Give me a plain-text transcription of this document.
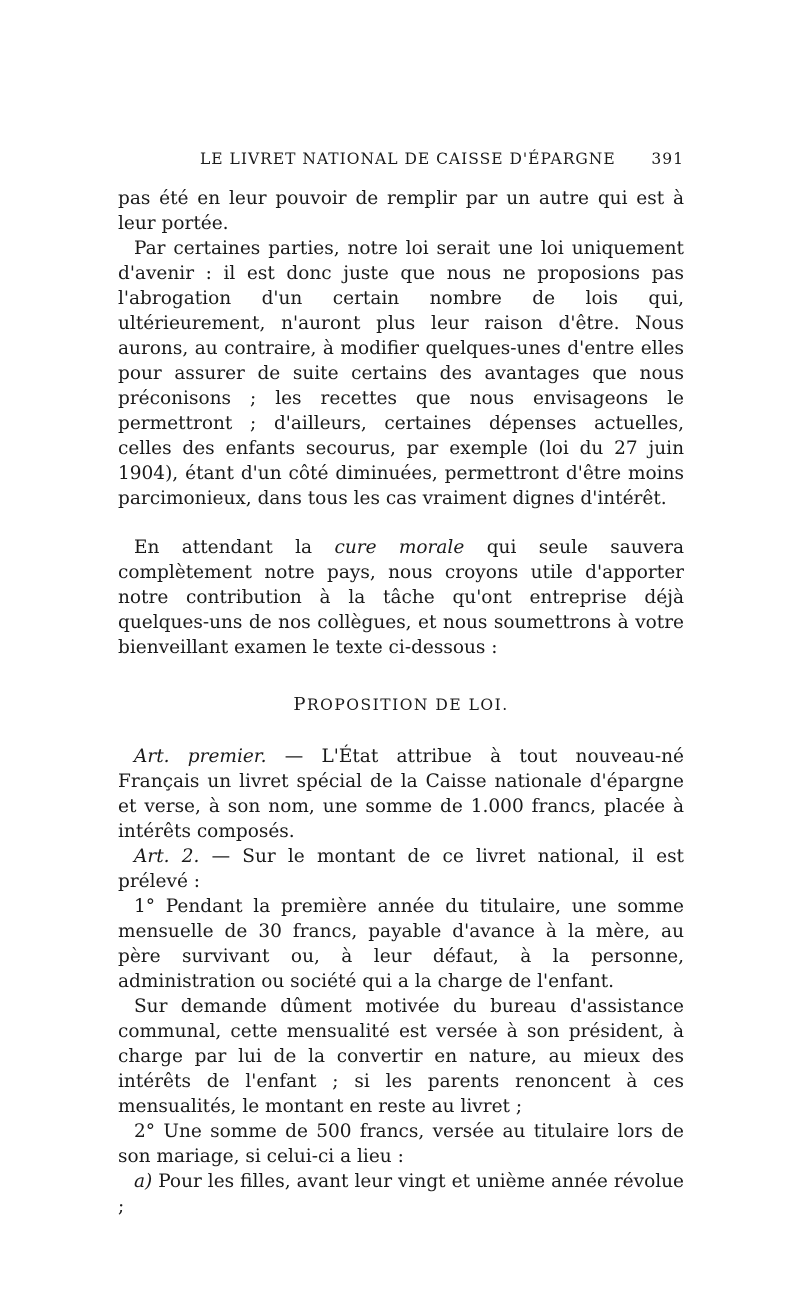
LE LIVRET NATIONAL DE CAISSE D'ÉPARGNE 391

pas été en leur pouvoir de remplir par un autre qui est à leur portée.

Par certaines parties, notre loi serait une loi uniquement d'avenir : il est donc juste que nous ne proposions pas l'abrogation d'un certain nombre de lois qui, ultérieurement, n'auront plus leur raison d'être. Nous aurons, au contraire, à modifier quelques-unes d'entre elles pour assurer de suite certains des avantages que nous préconisons ; les recettes que nous envisageons le permettront ; d'ailleurs, certaines dépenses actuelles, celles des enfants secourus, par exemple (loi du 27 juin 1904), étant d'un côté diminuées, permettront d'être moins parcimonieux, dans tous les cas vraiment dignes d'intérêt.

En attendant la cure morale qui seule sauvera complètement notre pays, nous croyons utile d'apporter notre contribution à la tâche qu'ont entreprise déjà quelques-uns de nos collègues, et nous soumettrons à votre bienveillant examen le texte ci-dessous :

PROPOSITION DE LOI.

Art. premier. — L'État attribue à tout nouveau-né Français un livret spécial de la Caisse nationale d'épargne et verse, à son nom, une somme de 1.000 francs, placée à intérêts composés.

Art. 2. — Sur le montant de ce livret national, il est prélevé :

1° Pendant la première année du titulaire, une somme mensuelle de 30 francs, payable d'avance à la mère, au père survivant ou, à leur défaut, à la personne, administration ou société qui a la charge de l'enfant.

Sur demande dûment motivée du bureau d'assistance communal, cette mensualité est versée à son président, à charge par lui de la convertir en nature, au mieux des intérêts de l'enfant ; si les parents renoncent à ces mensualités, le montant en reste au livret ;

2° Une somme de 500 francs, versée au titulaire lors de son mariage, si celui-ci a lieu :

a) Pour les filles, avant leur vingt et unième année révolue ;
